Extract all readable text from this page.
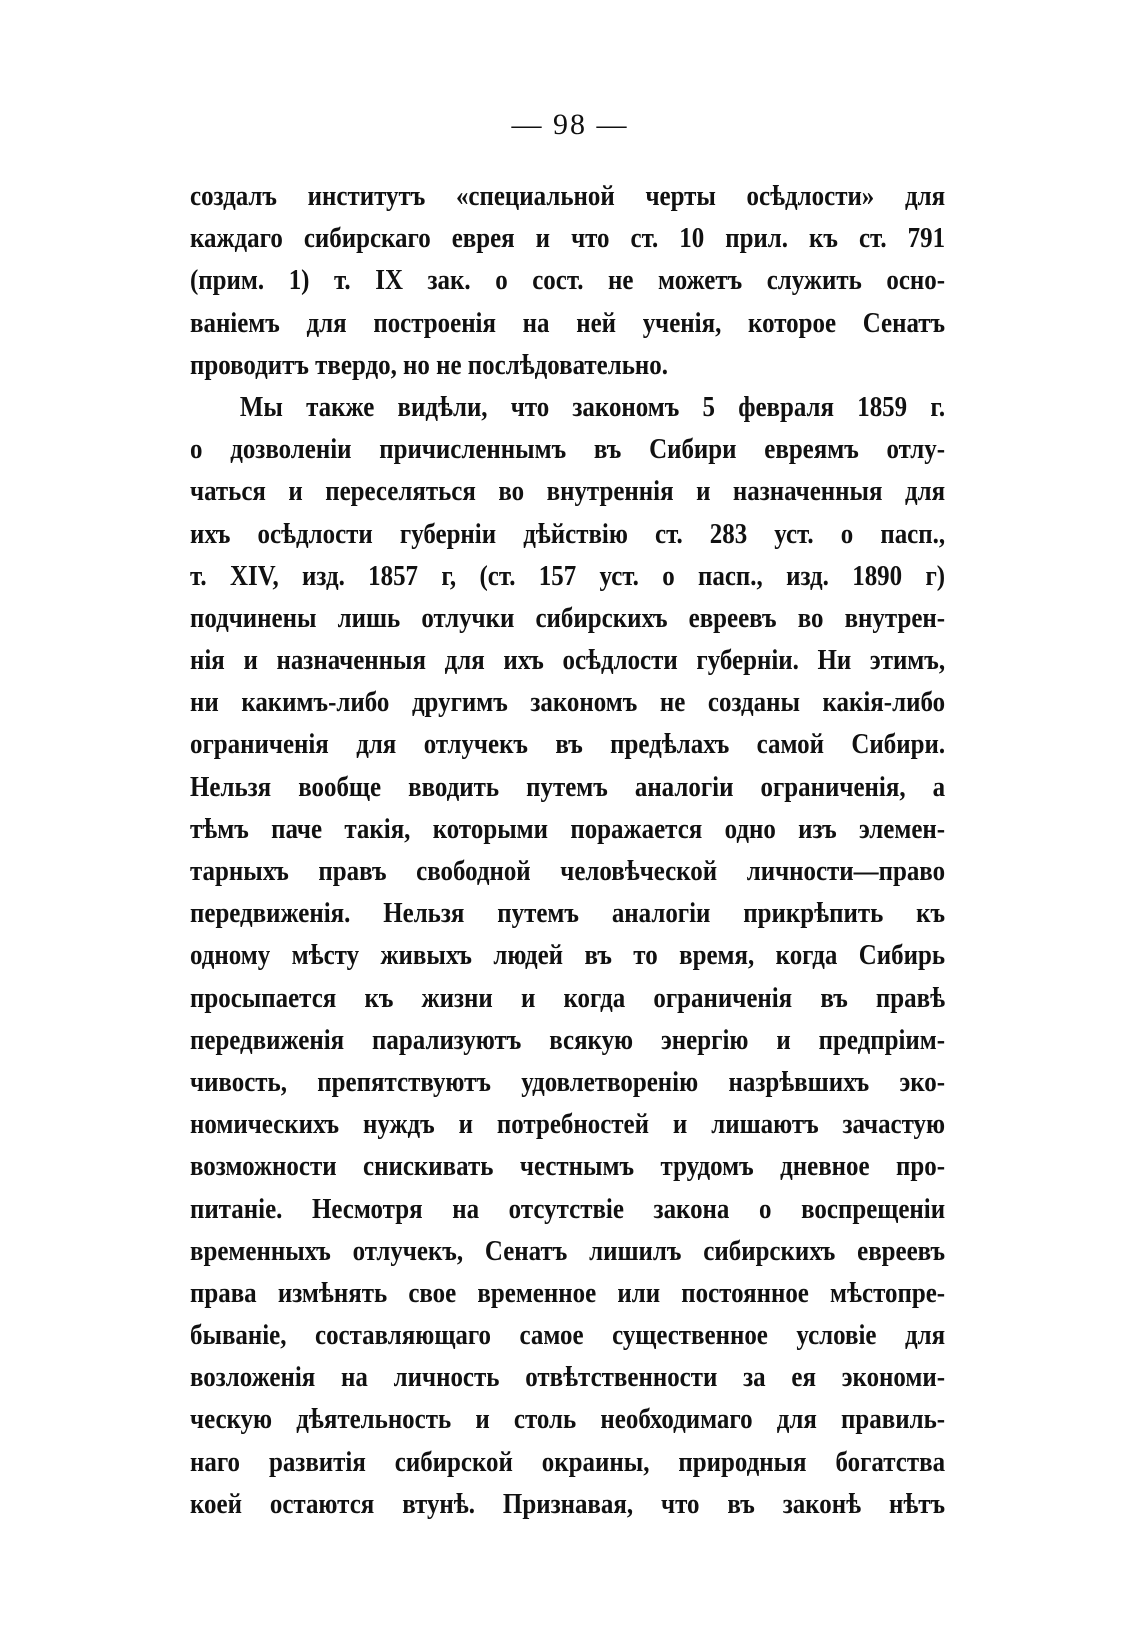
— 98 —
создалъ институтъ «специальной черты осѣдлости» для
каждаго сибирскаго еврея и что ст. 10 прил. къ ст. 791
(прим. 1) т. IX зак. о сост. не можетъ служить осно-
ваніемъ для построенія на ней ученія, которое Сенатъ
проводитъ твердо, но не послѣдовательно.
Мы также видѣли, что закономъ 5 февраля 1859 г.
о дозволеніи причисленнымъ въ Сибири евреямъ отлу-
чаться и переселяться во внутреннія и назначенныя для
ихъ осѣдлости губерніи дѣйствію ст. 283 уст. о пасп.,
т. XIV, изд. 1857 г, (ст. 157 уст. о пасп., изд. 1890 г)
подчинены лишь отлучки сибирскихъ евреевъ во внутрен-
нія и назначенныя для ихъ осѣдлости губерніи. Ни этимъ,
ни какимъ-либо другимъ закономъ не созданы какія-либо
ограниченія для отлучекъ въ предѣлахъ самой Сибири.
Нельзя вообще вводить путемъ аналогіи ограниченія, а
тѣмъ паче такія, которыми поражается одно изъ элемен-
тарныхъ правъ свободной человѣческой личности—право
передвиженія. Нельзя путемъ аналогіи прикрѣпить къ
одному мѣсту живыхъ людей въ то время, когда Сибирь
просыпается къ жизни и когда ограниченія въ правѣ
передвиженія парализуютъ всякую энергію и предпріим-
чивость, препятствуютъ удовлетворенію назрѣвшихъ эко-
номическихъ нуждъ и потребностей и лишаютъ зачастую
возможности снискивать честнымъ трудомъ дневное про-
питаніе. Несмотря на отсутствіе закона о воспрещеніи
временныхъ отлучекъ, Сенатъ лишилъ сибирскихъ евреевъ
права измѣнять свое временное или постоянное мѣстопре-
бываніе, составляющаго самое существенное условіе для
возложенія на личность отвѣтственности за ея экономи-
ческую дѣятельность и столь необходимаго для правиль-
наго развитія сибирской окраины, природныя богатства
коей остаются втунѣ. Признавая, что въ законѣ нѣтъ
